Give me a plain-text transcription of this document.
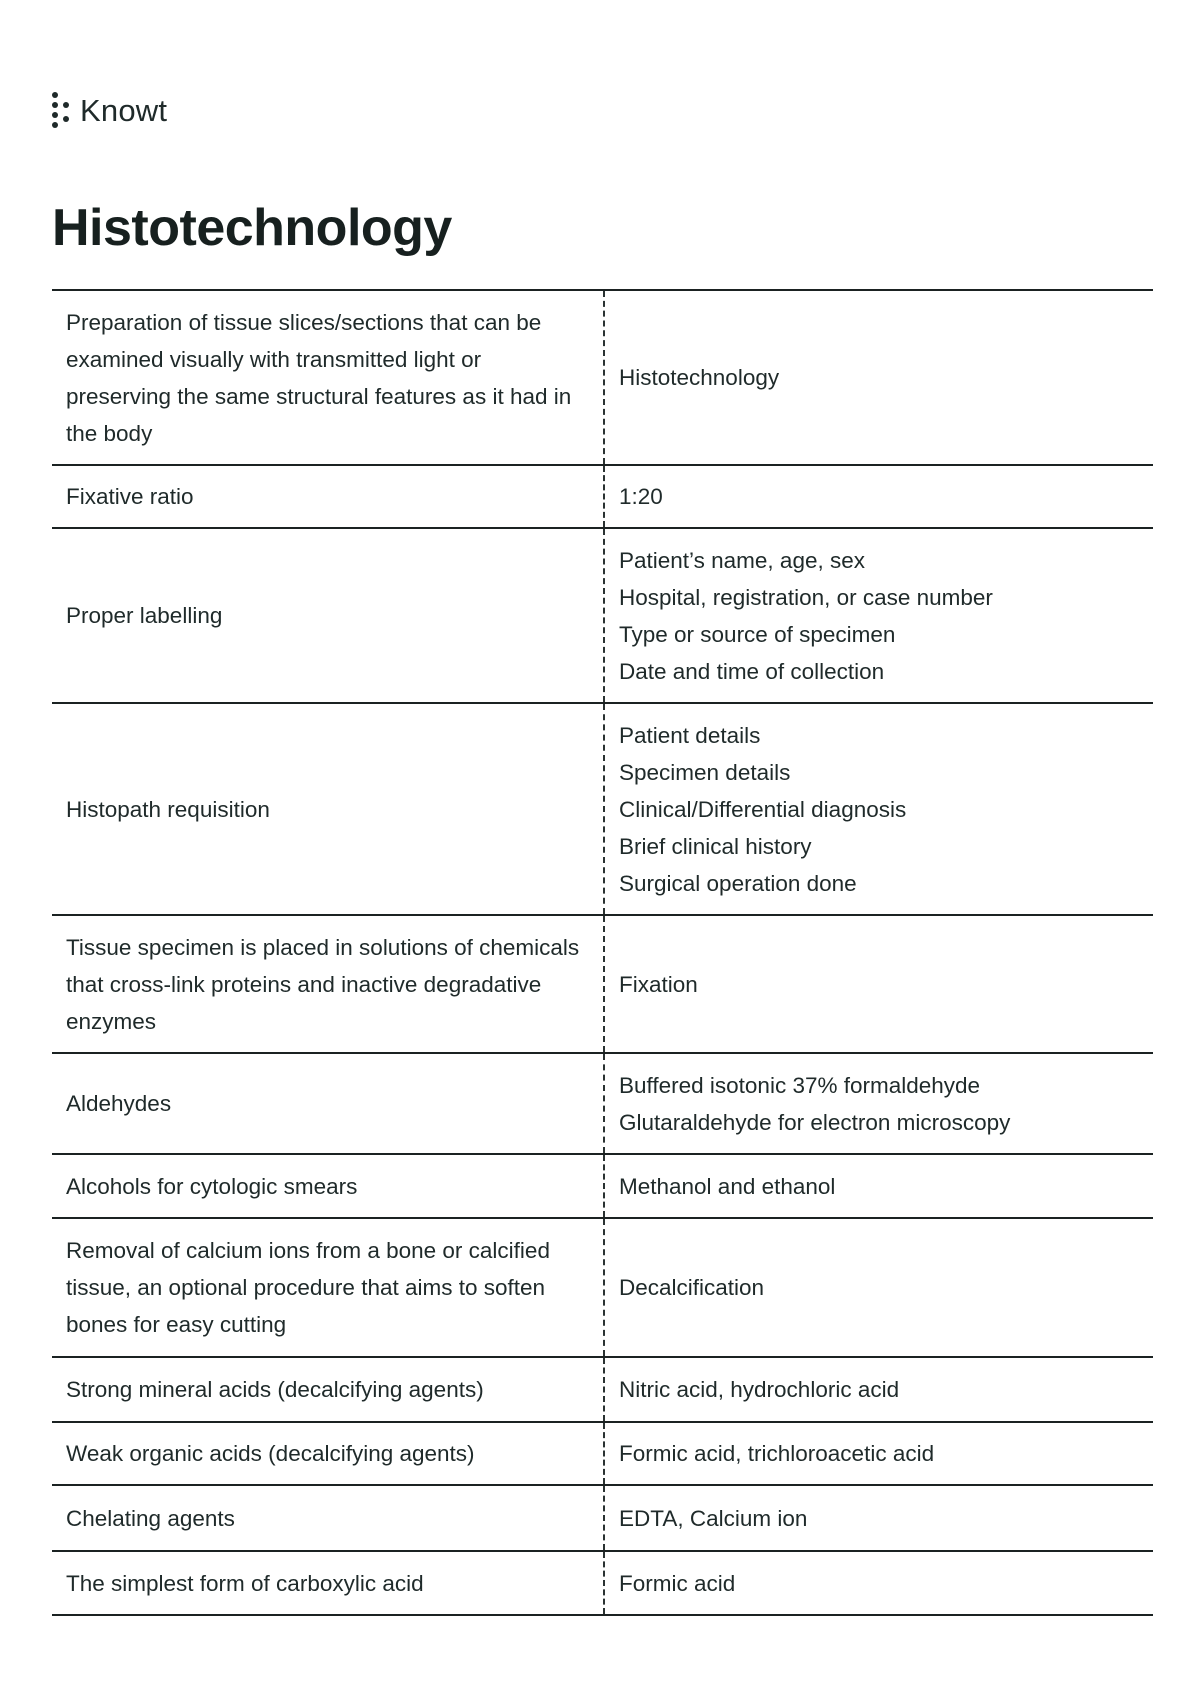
Knowt
Histotechnology
Preparation of tissue slices/sections that can be examined visually with transmitted light or preserving the same structural features as it had in the body	Histotechnology
Fixative ratio	1:20
Proper labelling	Patient’s name, age, sex
Hospital, registration, or case number
Type or source of specimen
Date and time of collection
Histopath requisition	Patient details
Specimen details
Clinical/Differential diagnosis
Brief clinical history
Surgical operation done
Tissue specimen is placed in solutions of chemicals that cross-link proteins and inactive degradative enzymes	Fixation
Aldehydes	Buffered isotonic 37% formaldehyde
Glutaraldehyde for electron microscopy
Alcohols for cytologic smears	Methanol and ethanol
Removal of calcium ions from a bone or calcified tissue, an optional procedure that aims to soften bones for easy cutting	Decalcification
Strong mineral acids (decalcifying agents)	Nitric acid, hydrochloric acid
Weak organic acids (decalcifying agents)	Formic acid, trichloroacetic acid
Chelating agents	EDTA, Calcium ion
The simplest form of carboxylic acid	Formic acid
